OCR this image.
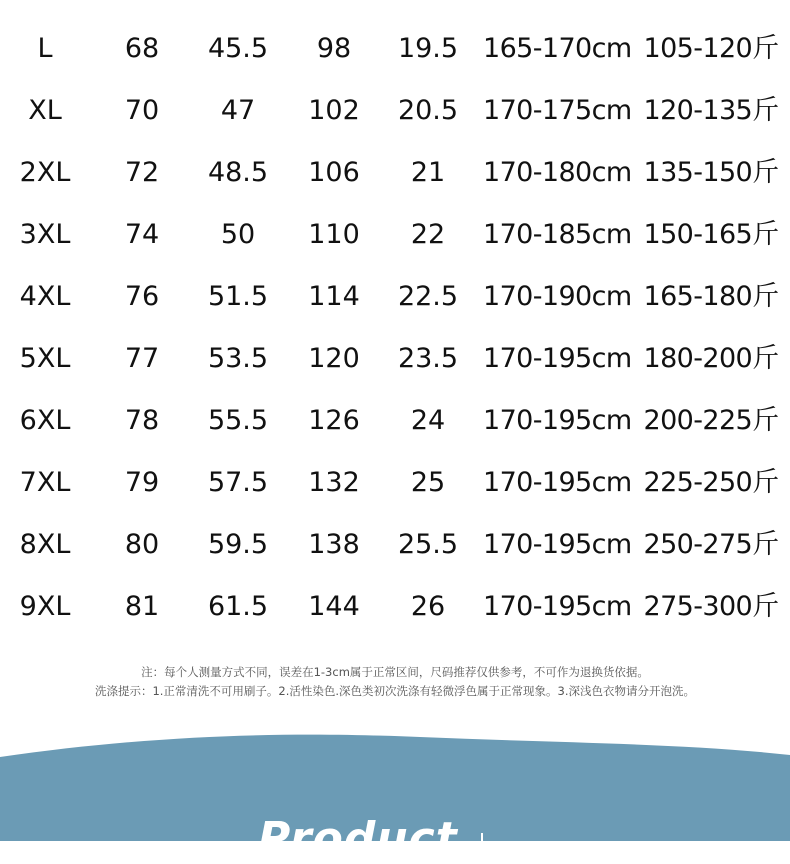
L	68	45.5	98	19.5 165-170cm 105-120斤
XL	70	47	102	20.5 170-175cm 120-135斤
2XL	72	48.5	106	21	170-180cm 135-150斤
3XL	74	50	110	22	170-185cm 150-165斤
4XL	76	51.5	114	22.5 170-190cm 165-180斤
5XL	77	53.5	120	23.5 170-195cm 180-200斤
6XL	78	55.5	126	24	170-195cm 200-225斤
7XL	79	57.5	132	25	170-195cm 225-250斤
8XL	80	59.5	138	25.5 170-195cm 250-275斤
9XL	81	61.5	144	26	170-195cm 275-300斤
注：每个人测量方式不同，误差在1-3cm属于正常区间，尺码推荐仅供参考，不可作为退换货依据。
洗涤提示：1.正常清洗不可用刷子。2.活性染色.深色类初次洗涤有轻微浮色属于正常现象。3.深浅色衣物请分开泡洗。
Product
